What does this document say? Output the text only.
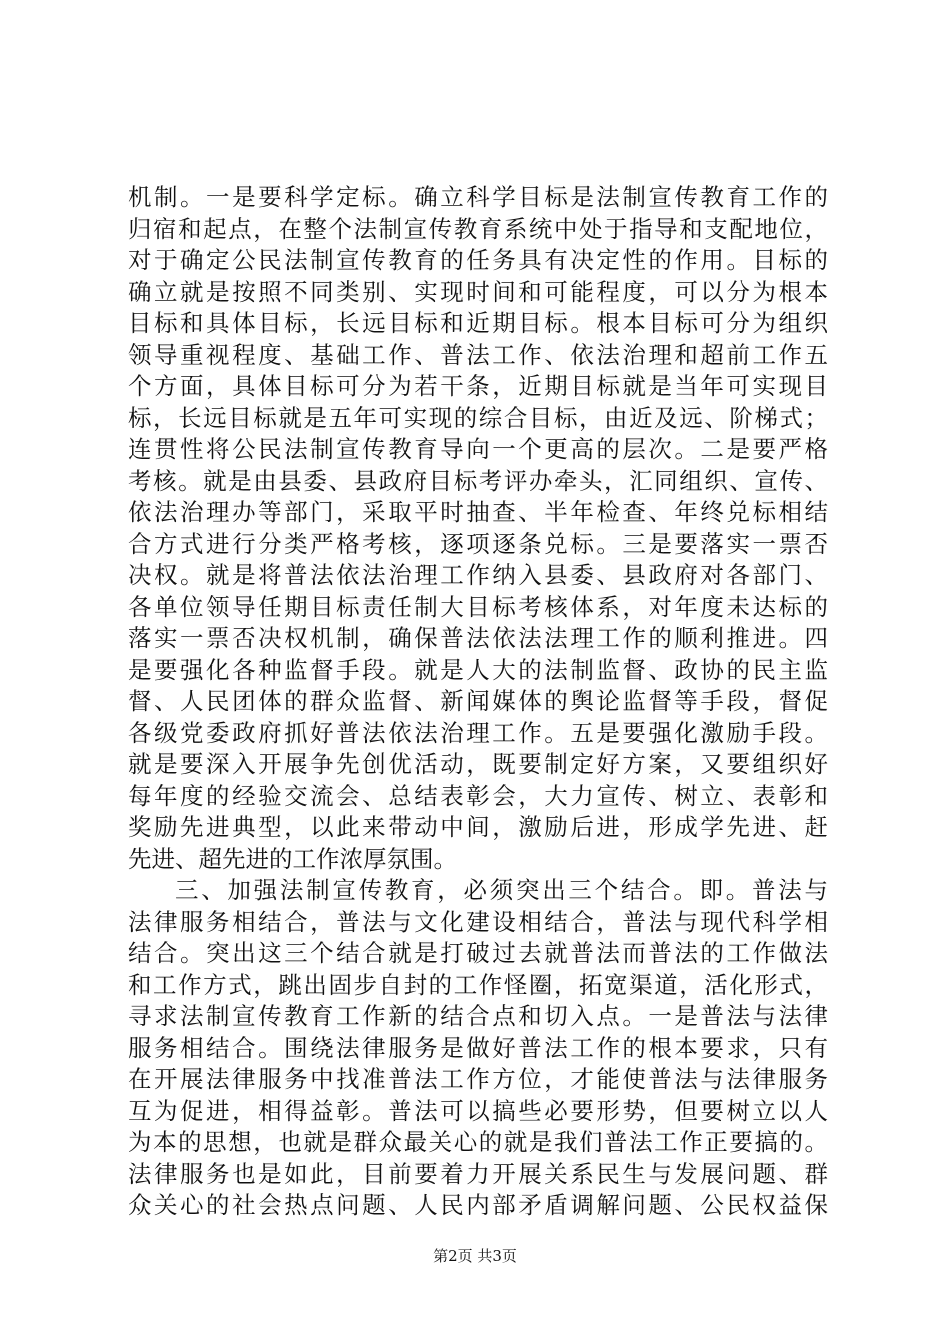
机制。一是要科学定标。确立科学目标是法制宣传教育工作的
归宿和起点，在整个法制宣传教育系统中处于指导和支配地位，
对于确定公民法制宣传教育的任务具有决定性的作用。目标的
确立就是按照不同类别、实现时间和可能程度，可以分为根本
目标和具体目标，长远目标和近期目标。根本目标可分为组织
领导重视程度、基础工作、普法工作、依法治理和超前工作五
个方面，具体目标可分为若干条，近期目标就是当年可实现目
标，长远目标就是五年可实现的综合目标，由近及远、阶梯式；
连贯性将公民法制宣传教育导向一个更高的层次。二是要严格
考核。就是由县委、县政府目标考评办牵头，汇同组织、宣传、
依法治理办等部门，采取平时抽查、半年检查、年终兑标相结
合方式进行分类严格考核，逐项逐条兑标。三是要落实一票否
决权。就是将普法依法治理工作纳入县委、县政府对各部门、
各单位领导任期目标责任制大目标考核体系，对年度未达标的
落实一票否决权机制，确保普法依法法理工作的顺利推进。四
是要强化各种监督手段。就是人大的法制监督、政协的民主监
督、人民团体的群众监督、新闻媒体的舆论监督等手段，督促
各级党委政府抓好普法依法治理工作。五是要强化激励手段。
就是要深入开展争先创优活动，既要制定好方案，又要组织好
每年度的经验交流会、总结表彰会，大力宣传、树立、表彰和
奖励先进典型，以此来带动中间，激励后进，形成学先进、赶
先进、超先进的工作浓厚氛围。
三、加强法制宣传教育，必须突出三个结合。即。普法与
法律服务相结合，普法与文化建设相结合，普法与现代科学相
结合。突出这三个结合就是打破过去就普法而普法的工作做法
和工作方式，跳出固步自封的工作怪圈，拓宽渠道，活化形式，
寻求法制宣传教育工作新的结合点和切入点。一是普法与法律
服务相结合。围绕法律服务是做好普法工作的根本要求，只有
在开展法律服务中找准普法工作方位，才能使普法与法律服务
互为促进，相得益彰。普法可以搞些必要形势，但要树立以人
为本的思想，也就是群众最关心的就是我们普法工作正要搞的。
法律服务也是如此，目前要着力开展关系民生与发展问题、群
众关心的社会热点问题、人民内部矛盾调解问题、公民权益保
第2页 共3页
